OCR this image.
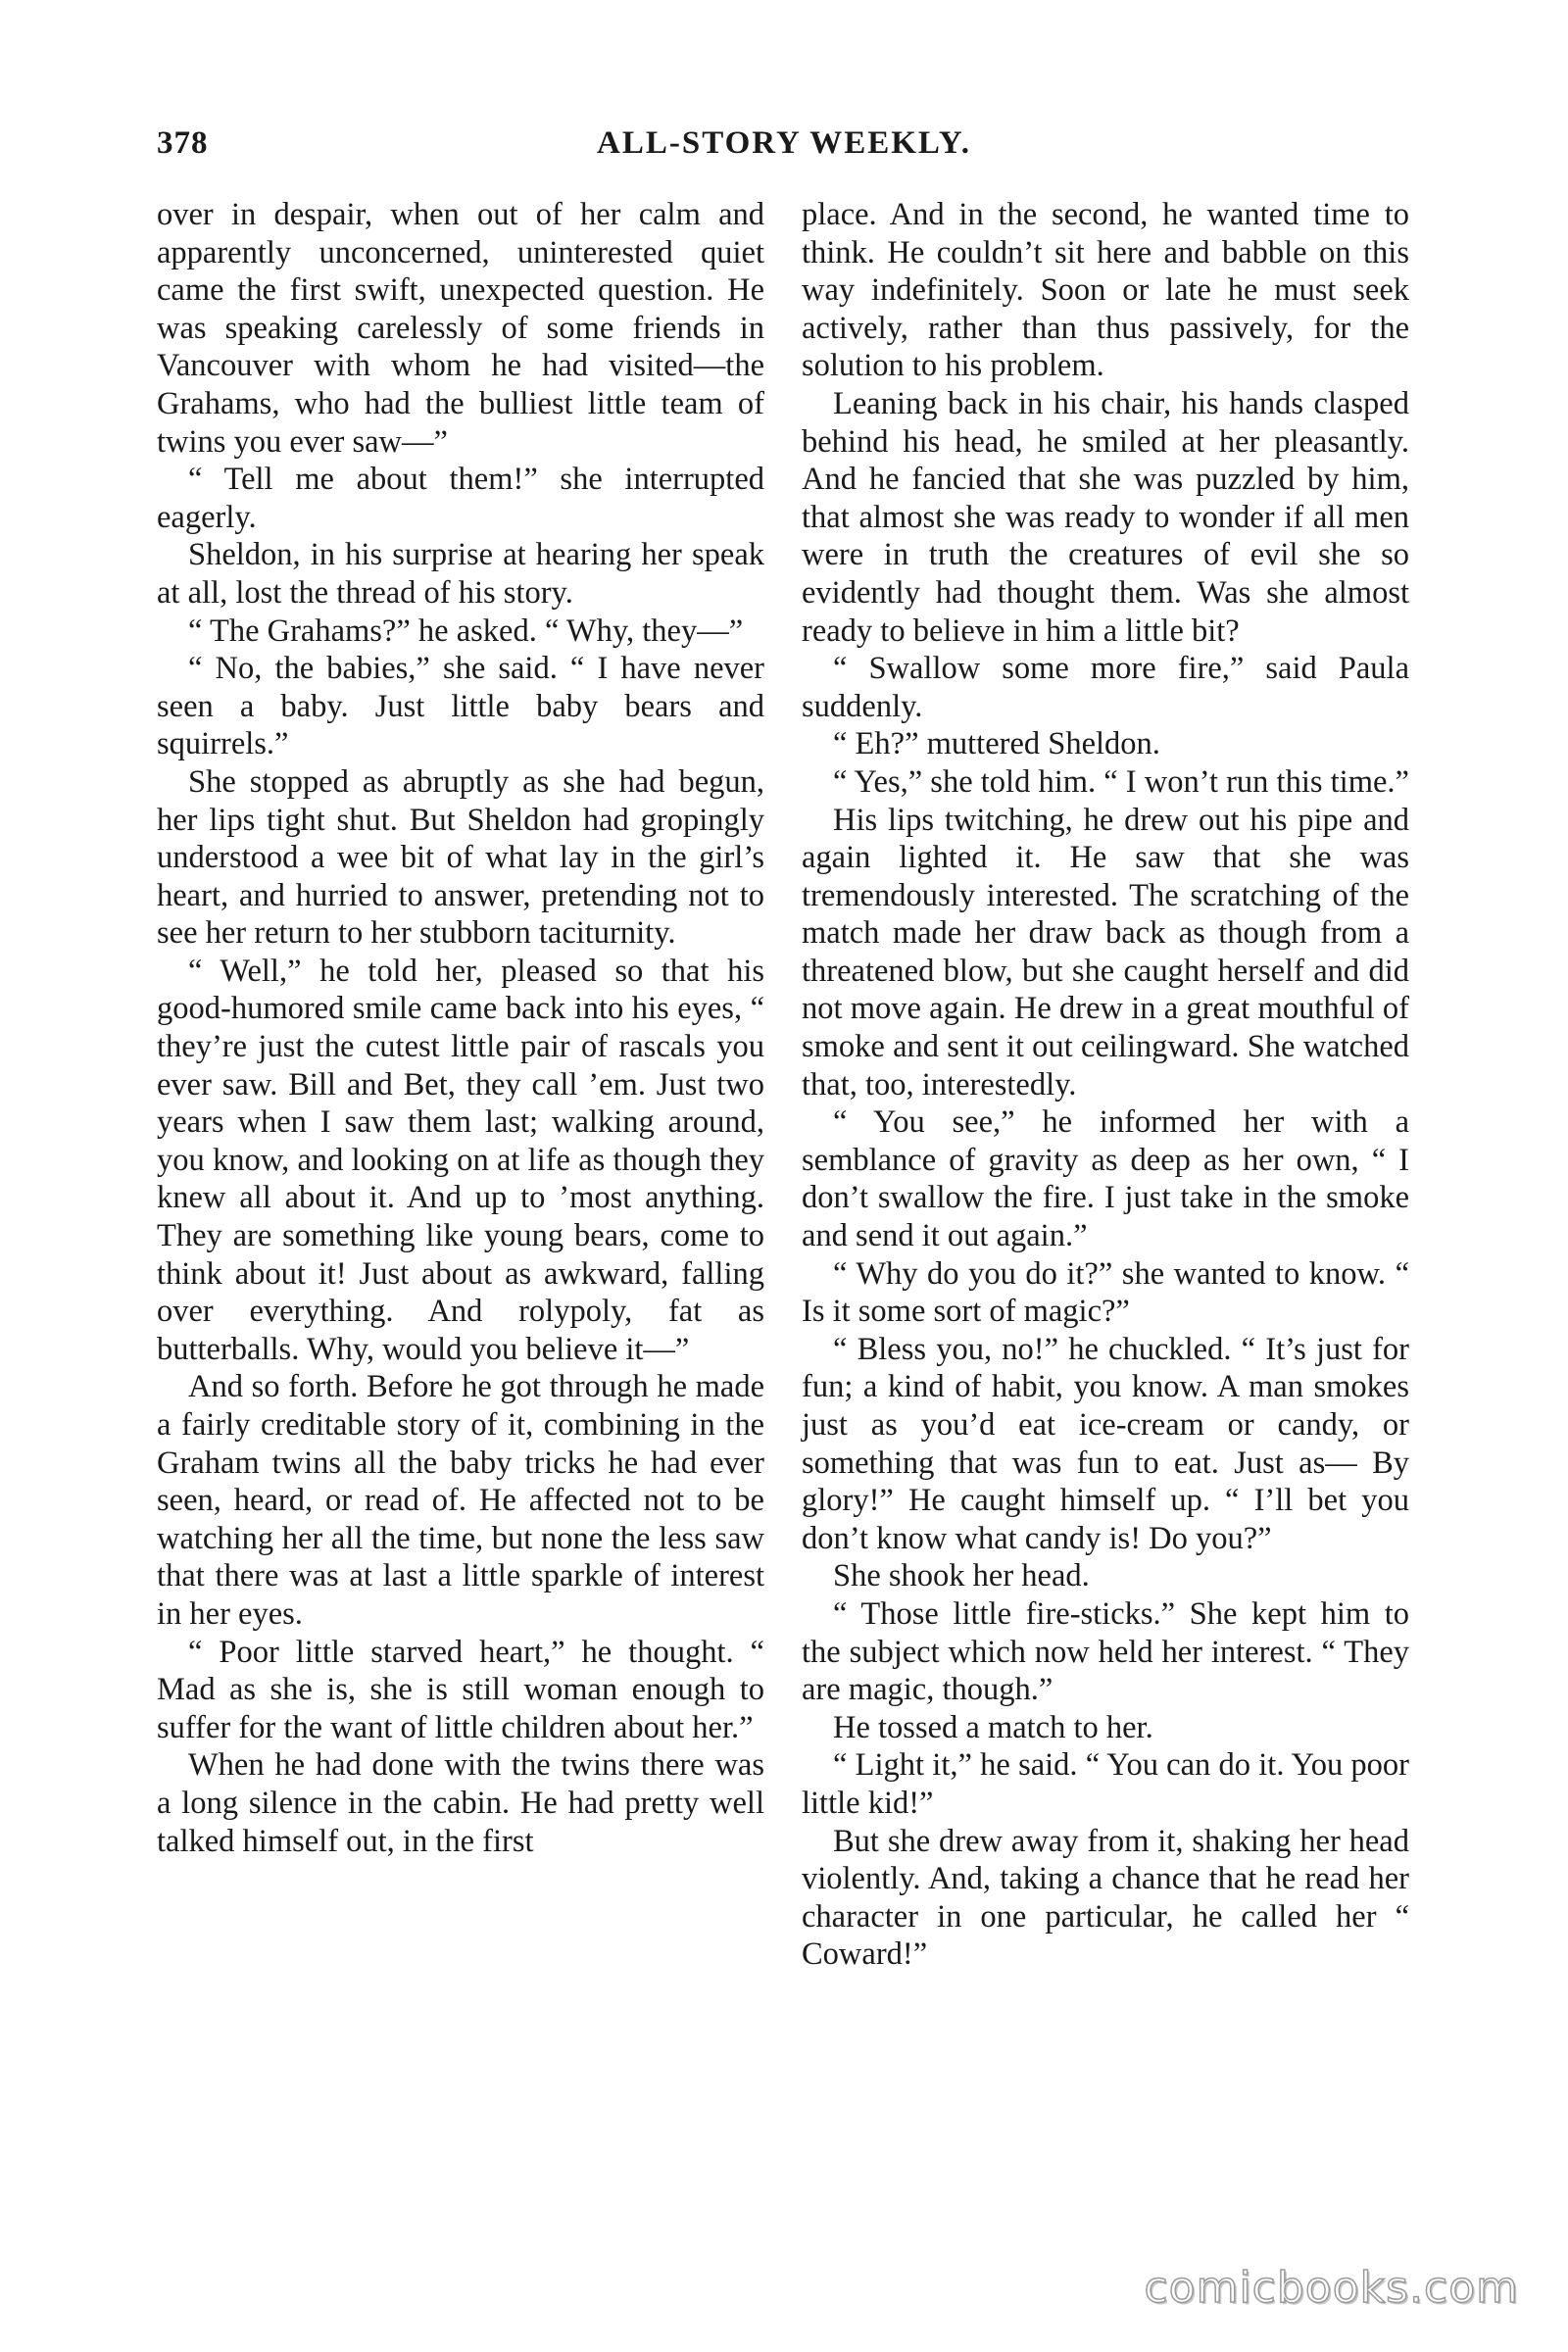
378	ALL-STORY WEEKLY.

over in despair, when out of her calm and apparently unconcerned, uninterested quiet came the first swift, unexpected question. He was speaking carelessly of some friends in Vancouver with whom he had visited—the Grahams, who had the bulliest little team of twins you ever saw—”

“ Tell me about them!” she interrupted eagerly.

Sheldon, in his surprise at hearing her speak at all, lost the thread of his story.

“ The Grahams?” he asked. “ Why, they—”

“ No, the babies,” she said. “ I have never seen a baby. Just little baby bears and squirrels.”

She stopped as abruptly as she had begun, her lips tight shut. But Sheldon had gropingly understood a wee bit of what lay in the girl’s heart, and hurried to answer, pretending not to see her return to her stubborn taciturnity.

“ Well,” he told her, pleased so that his good-humored smile came back into his eyes, “ they’re just the cutest little pair of rascals you ever saw. Bill and Bet, they call ’em. Just two years when I saw them last; walking around, you know, and looking on at life as though they knew all about it. And up to ’most anything. They are something like young bears, come to think about it! Just about as awkward, falling over everything. And rolypoly, fat as butterballs. Why, would you believe it—”

And so forth. Before he got through he made a fairly creditable story of it, combining in the Graham twins all the baby tricks he had ever seen, heard, or read of. He affected not to be watching her all the time, but none the less saw that there was at last a little sparkle of interest in her eyes.

“ Poor little starved heart,” he thought. “ Mad as she is, she is still woman enough to suffer for the want of little children about her.”

When he had done with the twins there was a long silence in the cabin. He had pretty well talked himself out, in the first

place. And in the second, he wanted time to think. He couldn’t sit here and babble on this way indefinitely. Soon or late he must seek actively, rather than thus passively, for the solution to his problem.

Leaning back in his chair, his hands clasped behind his head, he smiled at her pleasantly. And he fancied that she was puzzled by him, that almost she was ready to wonder if all men were in truth the creatures of evil she so evidently had thought them. Was she almost ready to believe in him a little bit?

“ Swallow some more fire,” said Paula suddenly.

“ Eh?” muttered Sheldon.

“ Yes,” she told him. “ I won’t run this time.”

His lips twitching, he drew out his pipe and again lighted it. He saw that she was tremendously interested. The scratching of the match made her draw back as though from a threatened blow, but she caught herself and did not move again. He drew in a great mouthful of smoke and sent it out ceilingward. She watched that, too, interestedly.

“ You see,” he informed her with a semblance of gravity as deep as her own, “ I don’t swallow the fire. I just take in the smoke and send it out again.”

“ Why do you do it?” she wanted to know. “ Is it some sort of magic?”

“ Bless you, no!” he chuckled. “ It’s just for fun; a kind of habit, you know. A man smokes just as you’d eat ice-cream or candy, or something that was fun to eat. Just as— By glory!” He caught himself up. “ I’ll bet you don’t know what candy is! Do you?”

She shook her head.

“ Those little fire-sticks.” She kept him to the subject which now held her interest. “ They are magic, though.”

He tossed a match to her.

“ Light it,” he said. “ You can do it. You poor little kid!”

But she drew away from it, shaking her head violently. And, taking a chance that he read her character in one particular, he called her “ Coward!”

comicbooks.com
